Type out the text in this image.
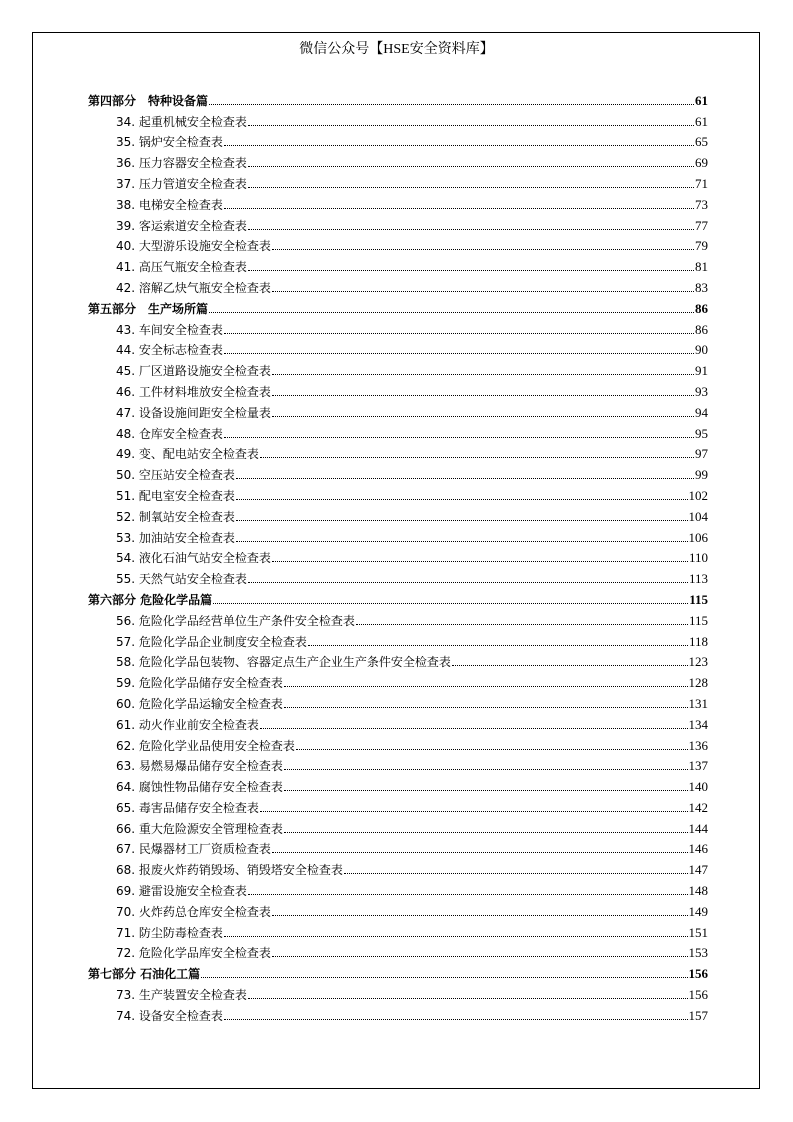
微信公众号【HSE安全资料库】
第四部分　特种设备篇	61
34. 起重机械安全检查表	61
35. 锅炉安全检查表	65
36. 压力容器安全检查表	69
37. 压力管道安全检查表	71
38. 电梯安全检查表	73
39. 客运索道安全检查表	77
40. 大型游乐设施安全检查表	79
41. 高压气瓶安全检查表	81
42. 溶解乙炔气瓶安全检查表	83
第五部分　生产场所篇	86
43. 车间安全检查表	86
44. 安全标志检查表	90
45. 厂区道路设施安全检查表	91
46. 工件材料堆放安全检查表	93
47. 设备设施间距安全检量表	94
48. 仓库安全检查表	95
49. 变、配电站安全检查表	97
50. 空压站安全检查表	99
51. 配电室安全检查表	102
52. 制氧站安全检查表	104
53. 加油站安全检查表	106
54. 液化石油气站安全检查表	110
55. 天然气站安全检查表	113
第六部分 危险化学品篇	115
56. 危险化学品经营单位生产条件安全检查表	115
57. 危险化学品企业制度安全检查表	118
58. 危险化学品包装物、容器定点生产企业生产条件安全检查表	123
59. 危险化学品储存安全检查表	128
60. 危险化学品运输安全检查表	131
61. 动火作业前安全检查表	134
62. 危险化学业品使用安全检查表	136
63. 易燃易爆品储存安全检查表	137
64. 腐蚀性物品储存安全检查表	140
65. 毒害品储存安全检查表	142
66. 重大危险源安全管理检查表	144
67. 民爆器材工厂资质检查表	146
68. 报废火炸药销毁场、销毁塔安全检查表	147
69. 避雷设施安全检查表	148
70. 火炸药总仓库安全检查表	149
71. 防尘防毒检查表	151
72. 危险化学品库安全检查表	153
第七部分 石油化工篇	156
73. 生产装置安全检查表	156
74. 设备安全检查表	157
